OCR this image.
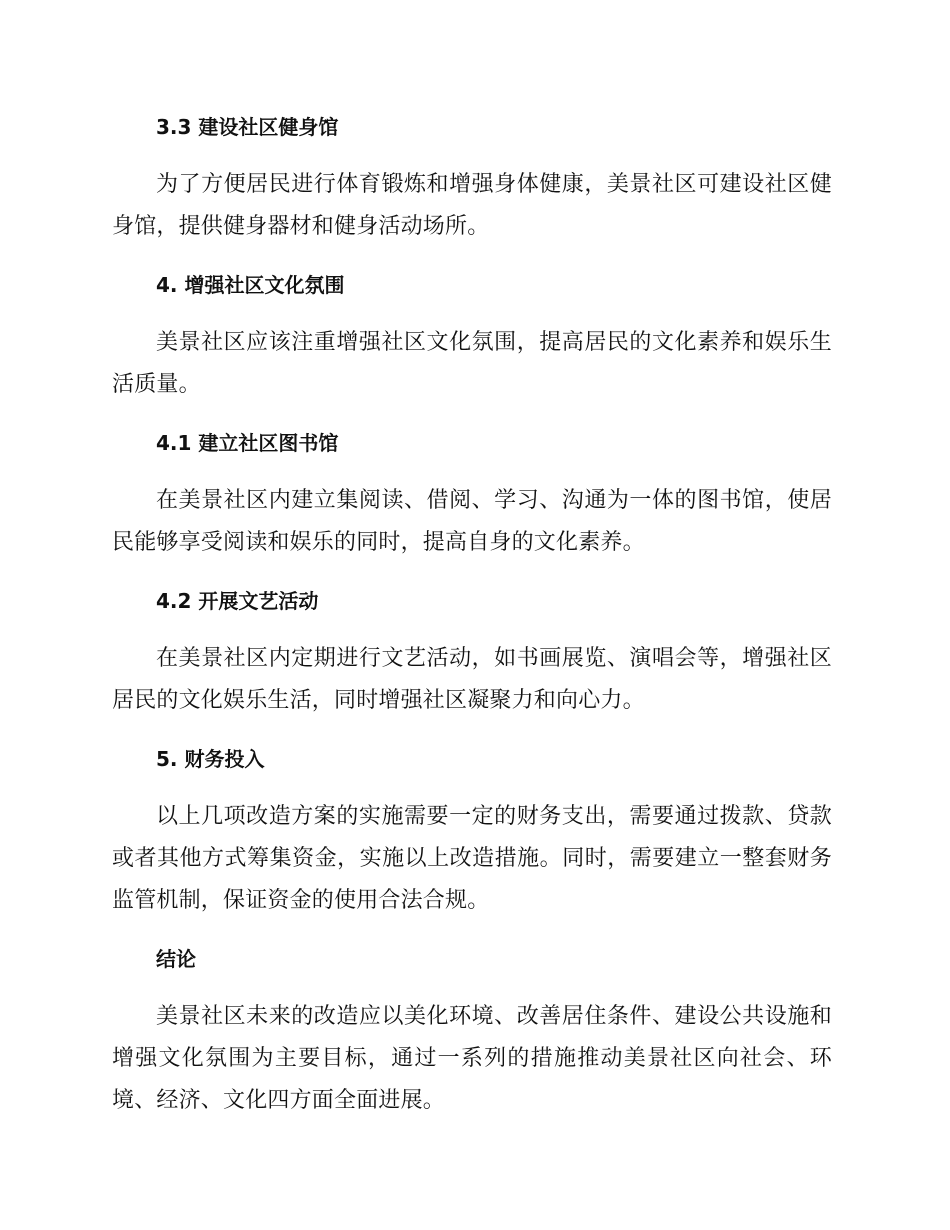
3.3 建设社区健身馆

为了方便居民进行体育锻炼和增强身体健康，美景社区可建设社区健身馆，提供健身器材和健身活动场所。

4. 增强社区文化氛围

美景社区应该注重增强社区文化氛围，提高居民的文化素养和娱乐生活质量。

4.1 建立社区图书馆

在美景社区内建立集阅读、借阅、学习、沟通为一体的图书馆，使居民能够享受阅读和娱乐的同时，提高自身的文化素养。

4.2 开展文艺活动

在美景社区内定期进行文艺活动，如书画展览、演唱会等，增强社区居民的文化娱乐生活，同时增强社区凝聚力和向心力。

5. 财务投入

以上几项改造方案的实施需要一定的财务支出，需要通过拨款、贷款或者其他方式筹集资金，实施以上改造措施。同时，需要建立一整套财务监管机制，保证资金的使用合法合规。

结论

美景社区未来的改造应以美化环境、改善居住条件、建设公共设施和增强文化氛围为主要目标，通过一系列的措施推动美景社区向社会、环境、经济、文化四方面全面进展。
